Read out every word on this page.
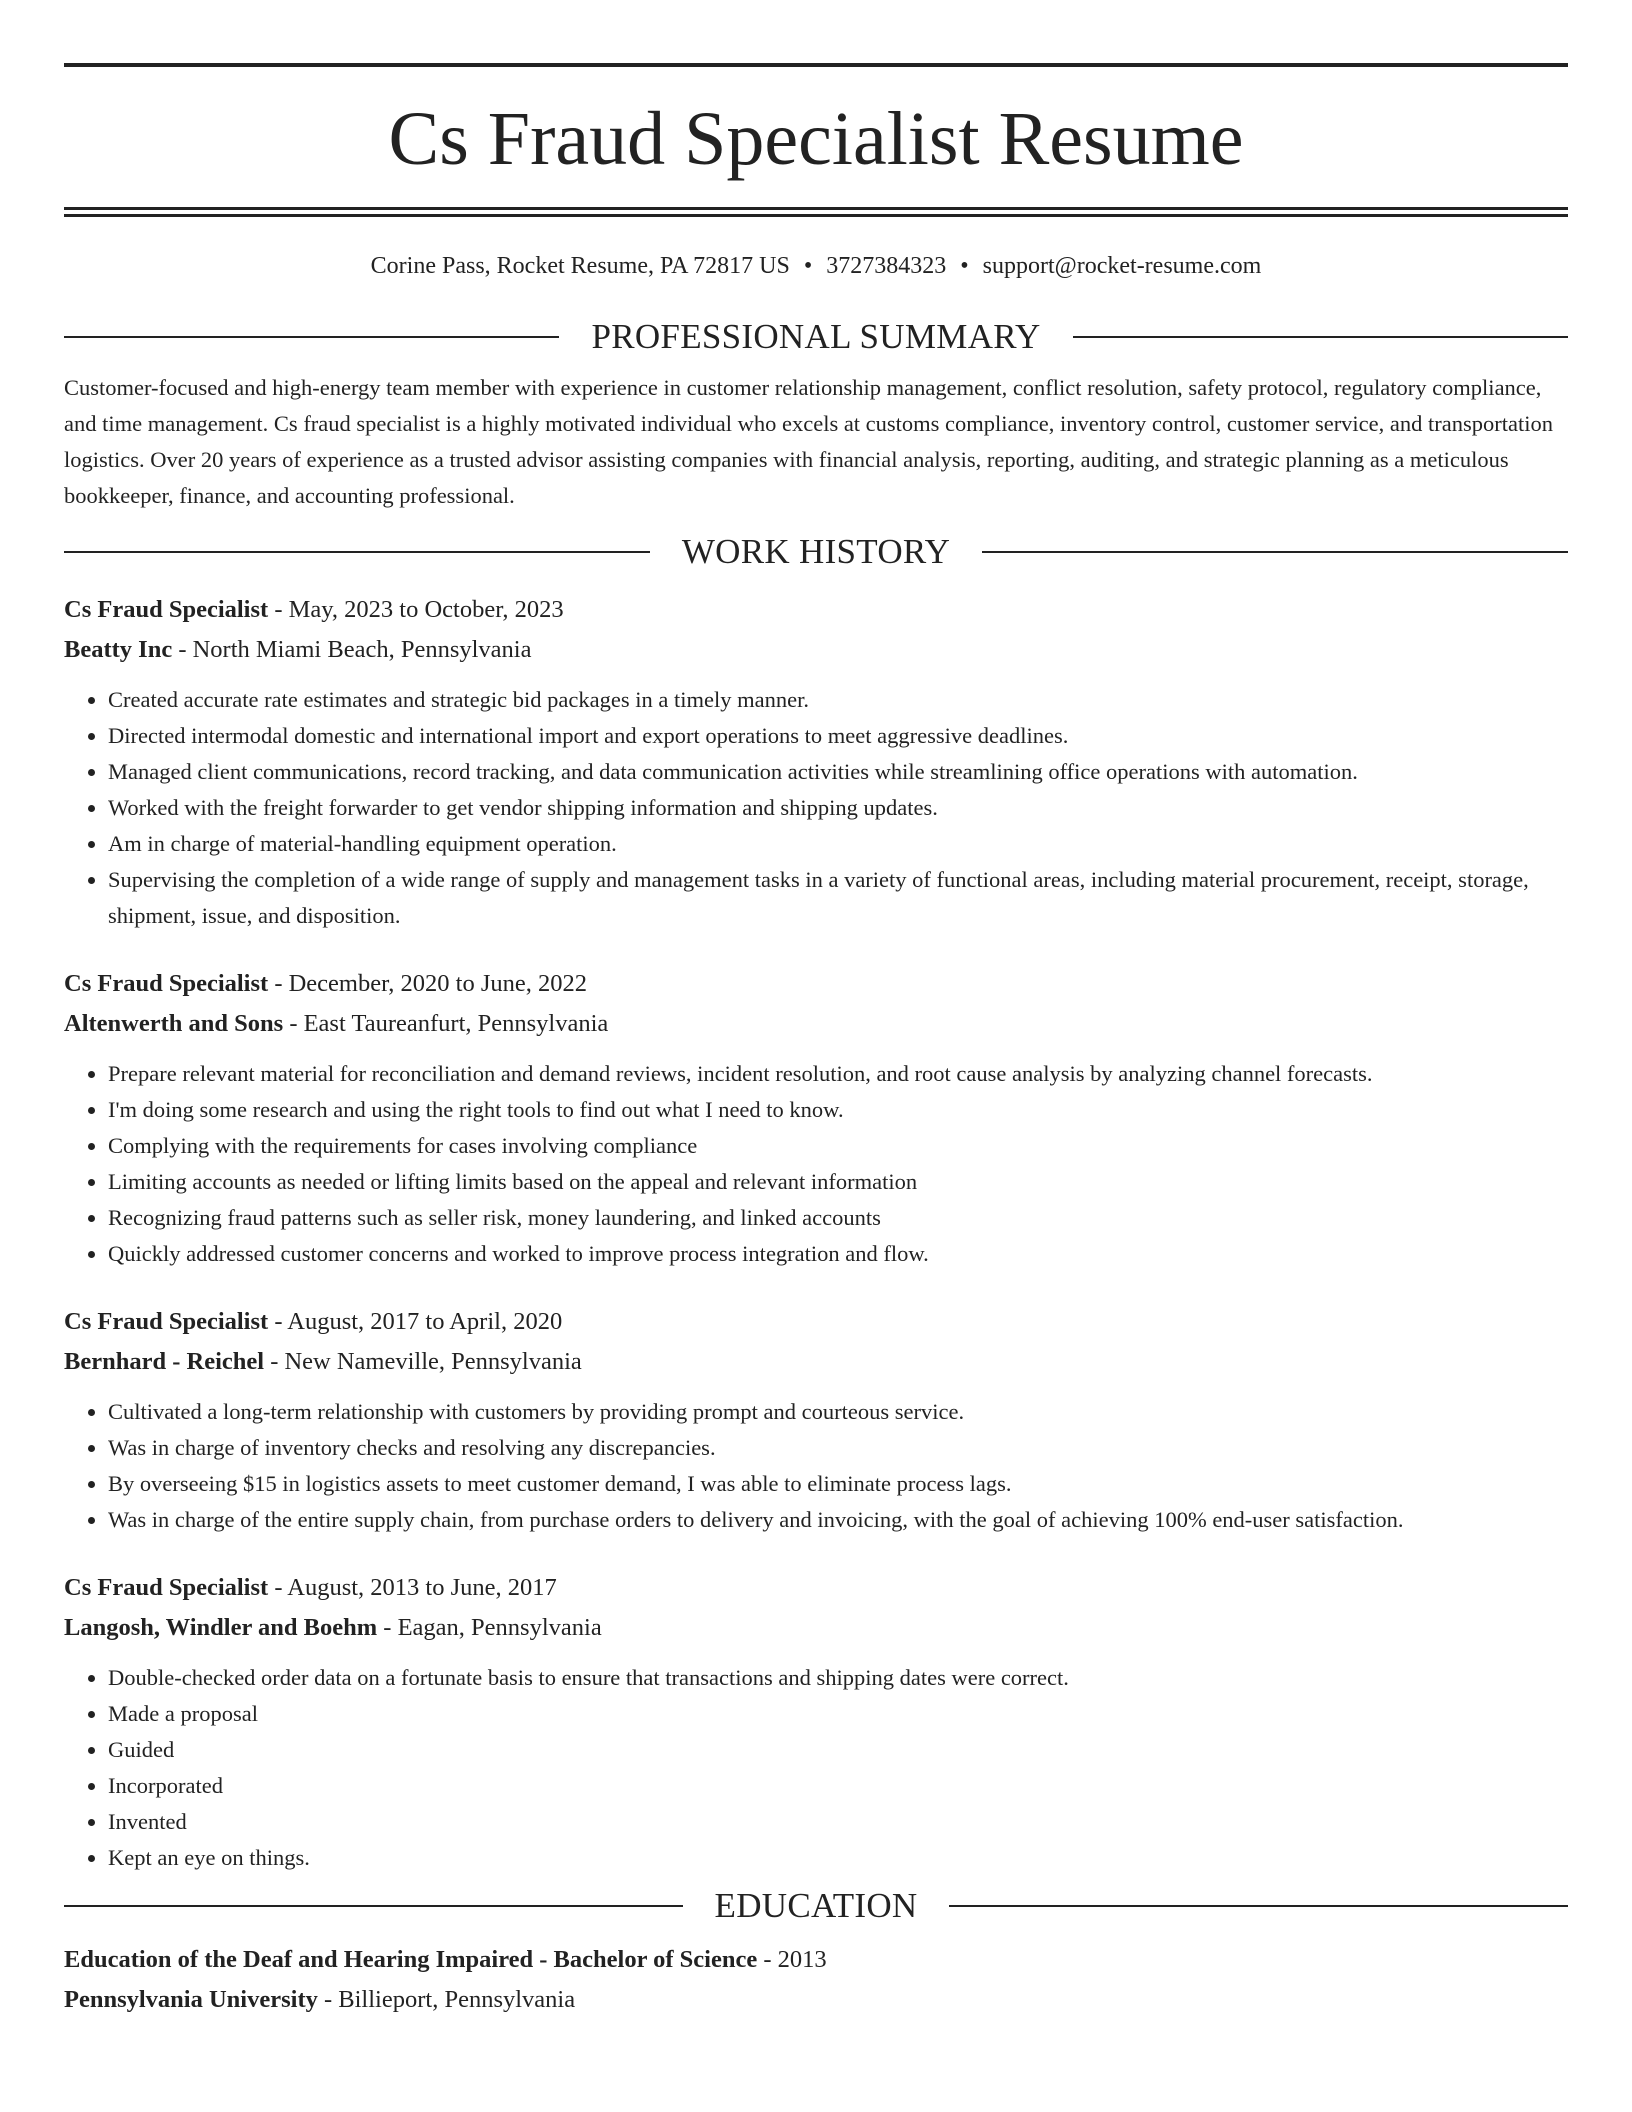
Cs Fraud Specialist Resume
Corine Pass, Rocket Resume, PA 72817 US • 3727384323 • support@rocket-resume.com
PROFESSIONAL SUMMARY

Customer-focused and high-energy team member with experience in customer relationship management, conflict resolution, safety protocol, regulatory compliance, and time management. Cs fraud specialist is a highly motivated individual who excels at customs compliance, inventory control, customer service, and transportation logistics. Over 20 years of experience as a trusted advisor assisting companies with financial analysis, reporting, auditing, and strategic planning as a meticulous bookkeeper, finance, and accounting professional.

WORK HISTORY
Cs Fraud Specialist - May, 2023 to October, 2023
Beatty Inc - North Miami Beach, Pennsylvania
• Created accurate rate estimates and strategic bid packages in a timely manner.
• Directed intermodal domestic and international import and export operations to meet aggressive deadlines.
• Managed client communications, record tracking, and data communication activities while streamlining office operations with automation.
• Worked with the freight forwarder to get vendor shipping information and shipping updates.
• Am in charge of material-handling equipment operation.
• Supervising the completion of a wide range of supply and management tasks in a variety of functional areas, including material procurement, receipt, storage, shipment, issue, and disposition.
Cs Fraud Specialist - December, 2020 to June, 2022
Altenwerth and Sons - East Taureanfurt, Pennsylvania
• Prepare relevant material for reconciliation and demand reviews, incident resolution, and root cause analysis by analyzing channel forecasts.
• I'm doing some research and using the right tools to find out what I need to know.
• Complying with the requirements for cases involving compliance
• Limiting accounts as needed or lifting limits based on the appeal and relevant information
• Recognizing fraud patterns such as seller risk, money laundering, and linked accounts
• Quickly addressed customer concerns and worked to improve process integration and flow.
Cs Fraud Specialist - August, 2017 to April, 2020
Bernhard - Reichel - New Nameville, Pennsylvania
• Cultivated a long-term relationship with customers by providing prompt and courteous service.
• Was in charge of inventory checks and resolving any discrepancies.
• By overseeing $15 in logistics assets to meet customer demand, I was able to eliminate process lags.
• Was in charge of the entire supply chain, from purchase orders to delivery and invoicing, with the goal of achieving 100% end-user satisfaction.
Cs Fraud Specialist - August, 2013 to June, 2017
Langosh, Windler and Boehm - Eagan, Pennsylvania
• Double-checked order data on a fortunate basis to ensure that transactions and shipping dates were correct.
• Made a proposal
• Guided
• Incorporated
• Invented
• Kept an eye on things.
EDUCATION
Education of the Deaf and Hearing Impaired - Bachelor of Science - 2013
Pennsylvania University - Billieport, Pennsylvania
